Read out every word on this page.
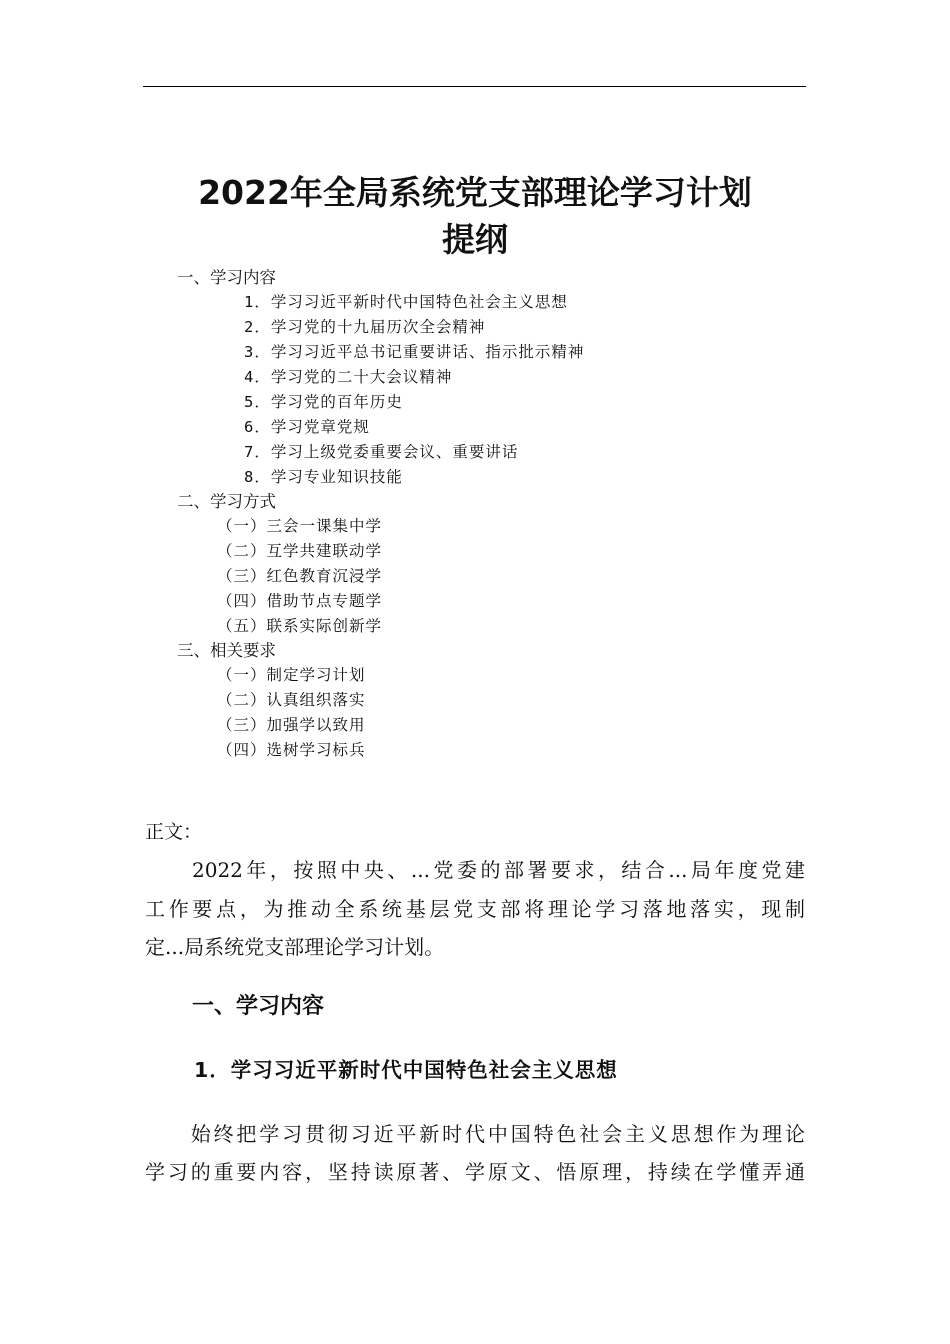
2022年全局系统党支部理论学习计划
提纲
一、学习内容
1．学习习近平新时代中国特色社会主义思想
2．学习党的十九届历次全会精神
3．学习习近平总书记重要讲话、指示批示精神
4．学习党的二十大会议精神
5．学习党的百年历史
6．学习党章党规
7．学习上级党委重要会议、重要讲话
8．学习专业知识技能
二、学习方式
（一）三会一课集中学
（二）互学共建联动学
（三）红色教育沉浸学
（四）借助节点专题学
（五）联系实际创新学
三、相关要求
（一）制定学习计划
（二）认真组织落实
（三）加强学以致用
（四）选树学习标兵
正文：
　　2022年，按照中央、...党委的部署要求，结合...局年度党建
工作要点，为推动全系统基层党支部将理论学习落地落实，现制
定...局系统党支部理论学习计划。
一、学习内容
1．学习习近平新时代中国特色社会主义思想
　　始终把学习贯彻习近平新时代中国特色社会主义思想作为理论
学习的重要内容，坚持读原著、学原文、悟原理，持续在学懂弄通
